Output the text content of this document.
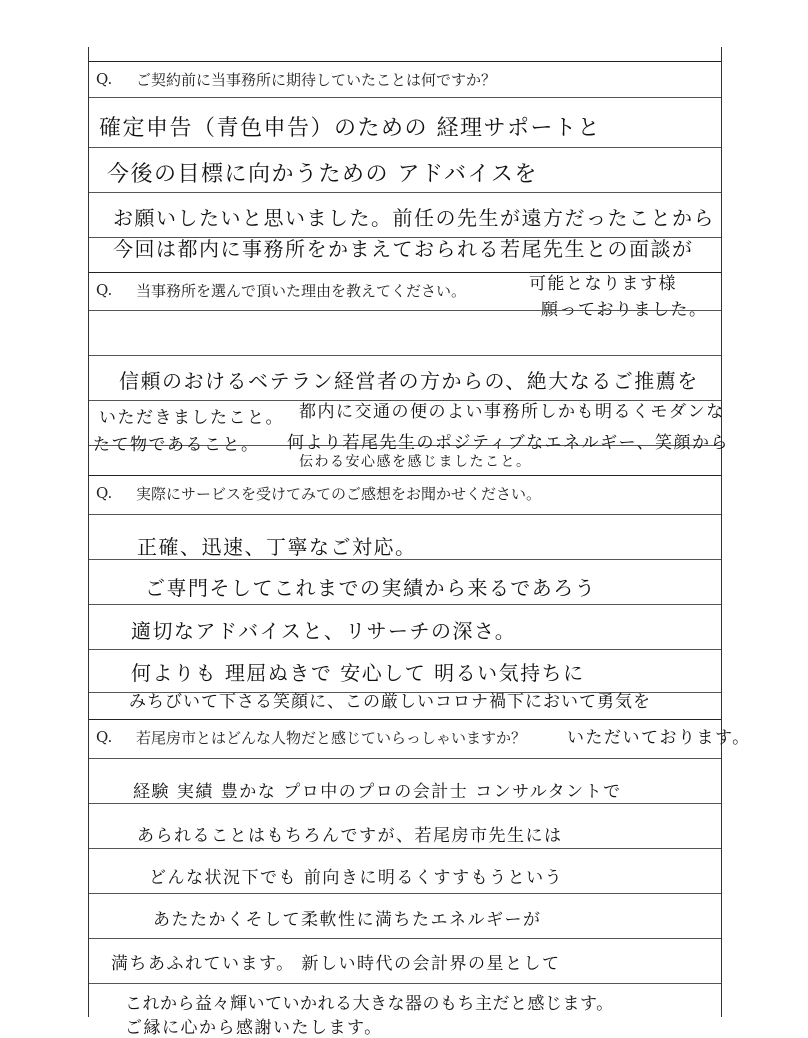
Q.	ご契約前に当事務所に期待していたことは何ですか？
確定申告（青色申告）のための 経理サポートと
今後の目標に向かうための アドバイスを
お願いしたいと思いました。前任の先生が遠方だったことから
今回は都内に事務所をかまえておられる若尾先生との面談が
可能となります様
願っておりました。
Q.	当事務所を選んで頂いた理由を教えてください。
信頼のおけるベテラン経営者の方からの、絶大なるご推薦を
いただきましたこと。 都内に交通の便のよい事務所しかも明るくモダンな
たて物であること。 何より若尾先生のポジティブなエネルギー、笑顔から
伝わる安心感を感じましたこと。
Q.	実際にサービスを受けてみてのご感想をお聞かせください。
正確、迅速、丁寧なご対応。
ご専門そしてこれまでの実績から来るであろう
適切なアドバイスと、リサーチの深さ。
何よりも 理屈ぬきで 安心して 明るい気持ちに
みちびいて下さる笑顔に、この厳しいコロナ禍下において勇気を
いただいております。
Q.	若尾房市とはどんな人物だと感じていらっしゃいますか？
経験 実績 豊かな プロ中のプロの会計士 コンサルタントで
あられることはもちろんですが、若尾房市先生には
どんな状況下でも 前向きに明るくすすもうという
あたたかくそして柔軟性に満ちたエネルギーが
満ちあふれています。 新しい時代の会計界の星として
これから益々輝いていかれる大きな器のもち主だと感じます。
ご縁に心から感謝いたします。
